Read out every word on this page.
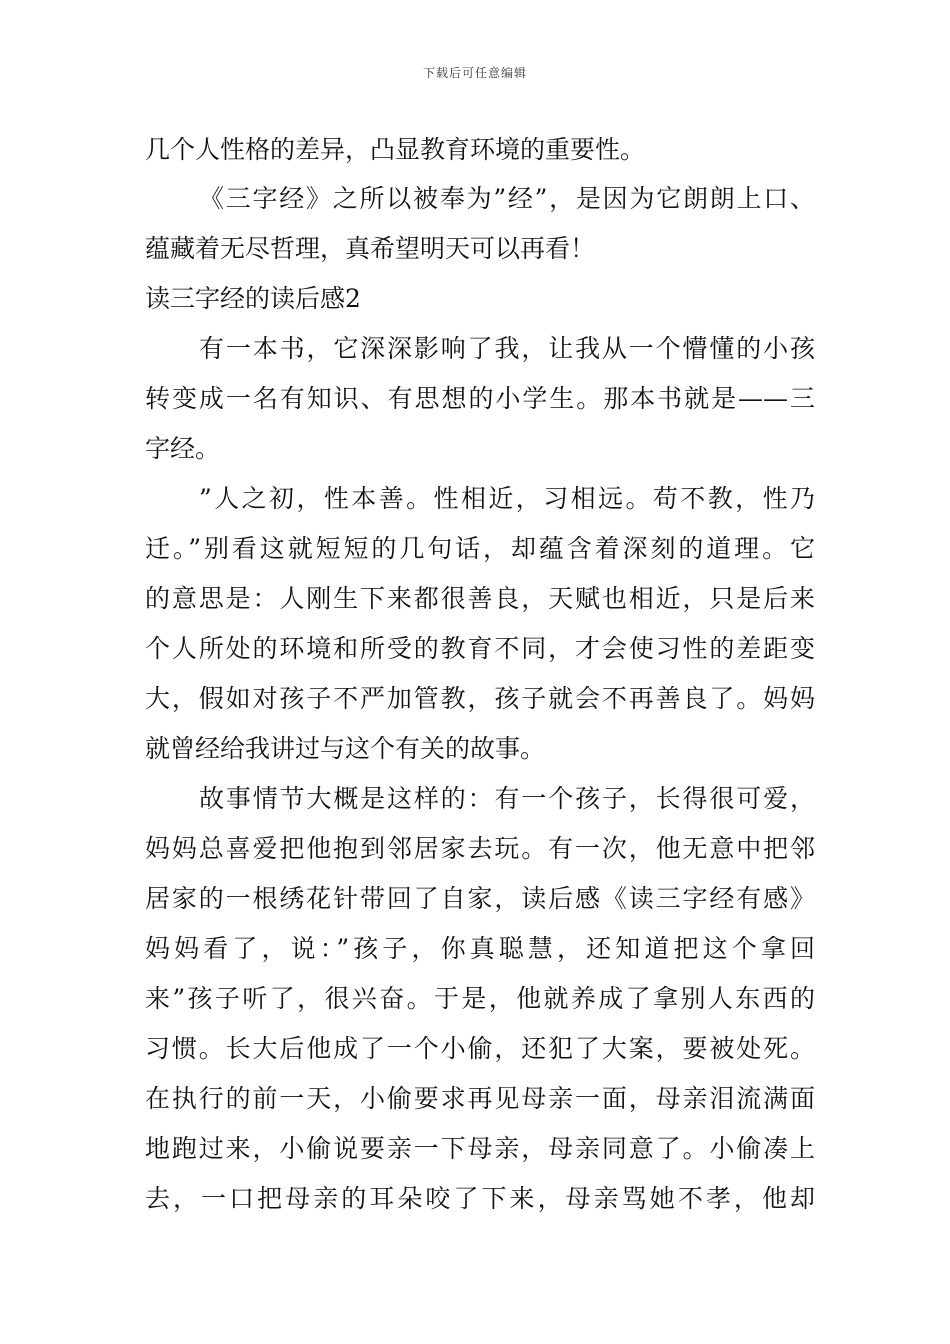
下载后可任意编辑
几个人性格的差异，凸显教育环境的重要性。
《三字经》之所以被奉为”经”，是因为它朗朗上口、
蕴藏着无尽哲理，真希望明天可以再看！
读三字经的读后感2
有一本书，它深深影响了我，让我从一个懵懂的小孩
转变成一名有知识、有思想的小学生。那本书就是——三
字经。
”人之初，性本善。性相近，习相远。苟不教，性乃
迁。”别看这就短短的几句话，却蕴含着深刻的道理。它
的意思是：人刚生下来都很善良，天赋也相近，只是后来
个人所处的环境和所受的教育不同，才会使习性的差距变
大，假如对孩子不严加管教，孩子就会不再善良了。妈妈
就曾经给我讲过与这个有关的故事。
故事情节大概是这样的：有一个孩子，长得很可爱，
妈妈总喜爱把他抱到邻居家去玩。有一次，他无意中把邻
居家的一根绣花针带回了自家，读后感《读三字经有感》
妈妈看了，说：”孩子，你真聪慧，还知道把这个拿回
来”孩子听了，很兴奋。于是，他就养成了拿别人东西的
习惯。长大后他成了一个小偷，还犯了大案，要被处死。
在执行的前一天，小偷要求再见母亲一面，母亲泪流满面
地跑过来，小偷说要亲一下母亲，母亲同意了。小偷凑上
去，一口把母亲的耳朵咬了下来，母亲骂她不孝，他却
